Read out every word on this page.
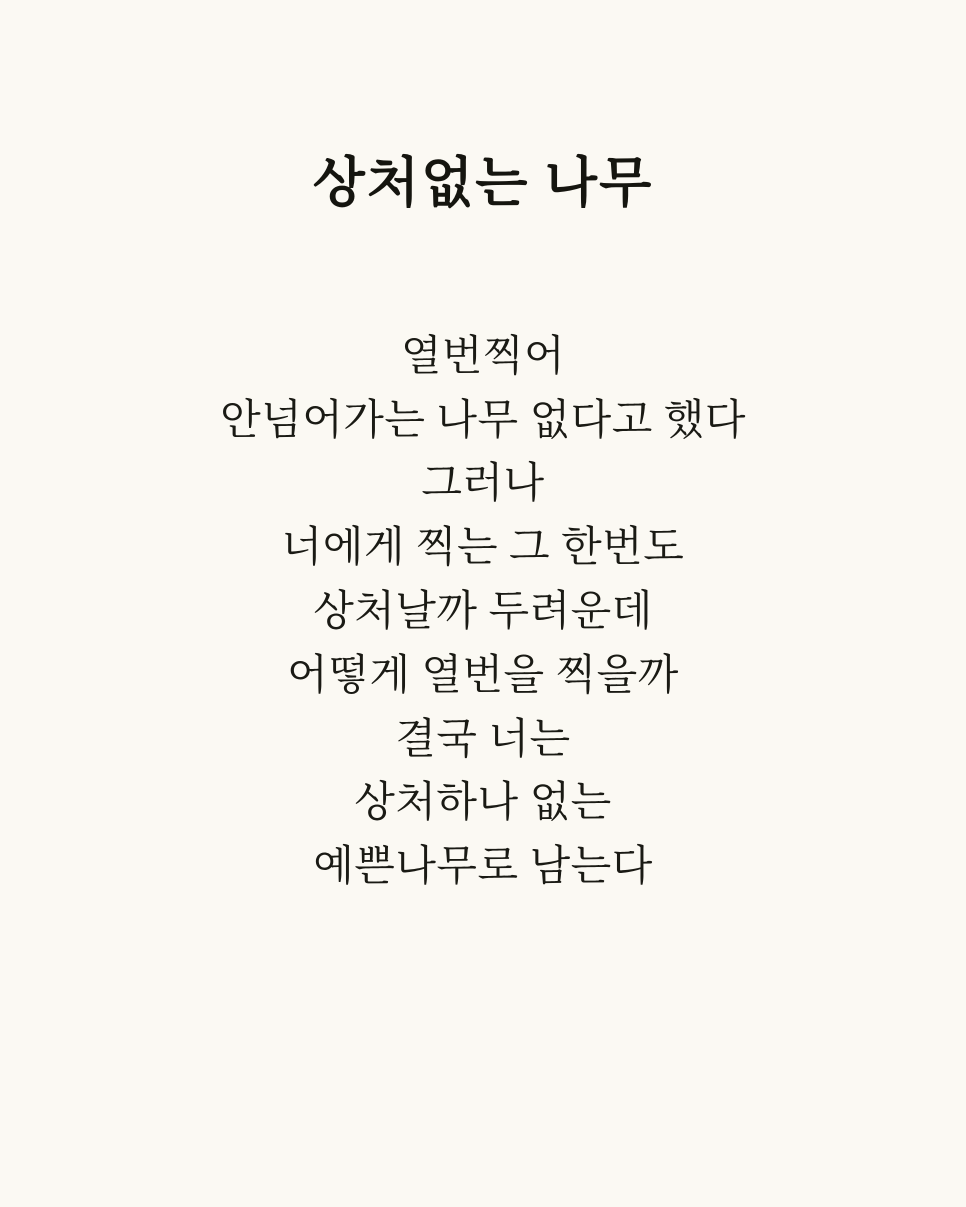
상처없는 나무
열번찍어
안넘어가는 나무 없다고 했다
그러나
너에게 찍는 그 한번도
상처날까 두려운데
어떻게 열번을 찍을까
결국 너는
상처하나 없는
예쁜나무로 남는다
